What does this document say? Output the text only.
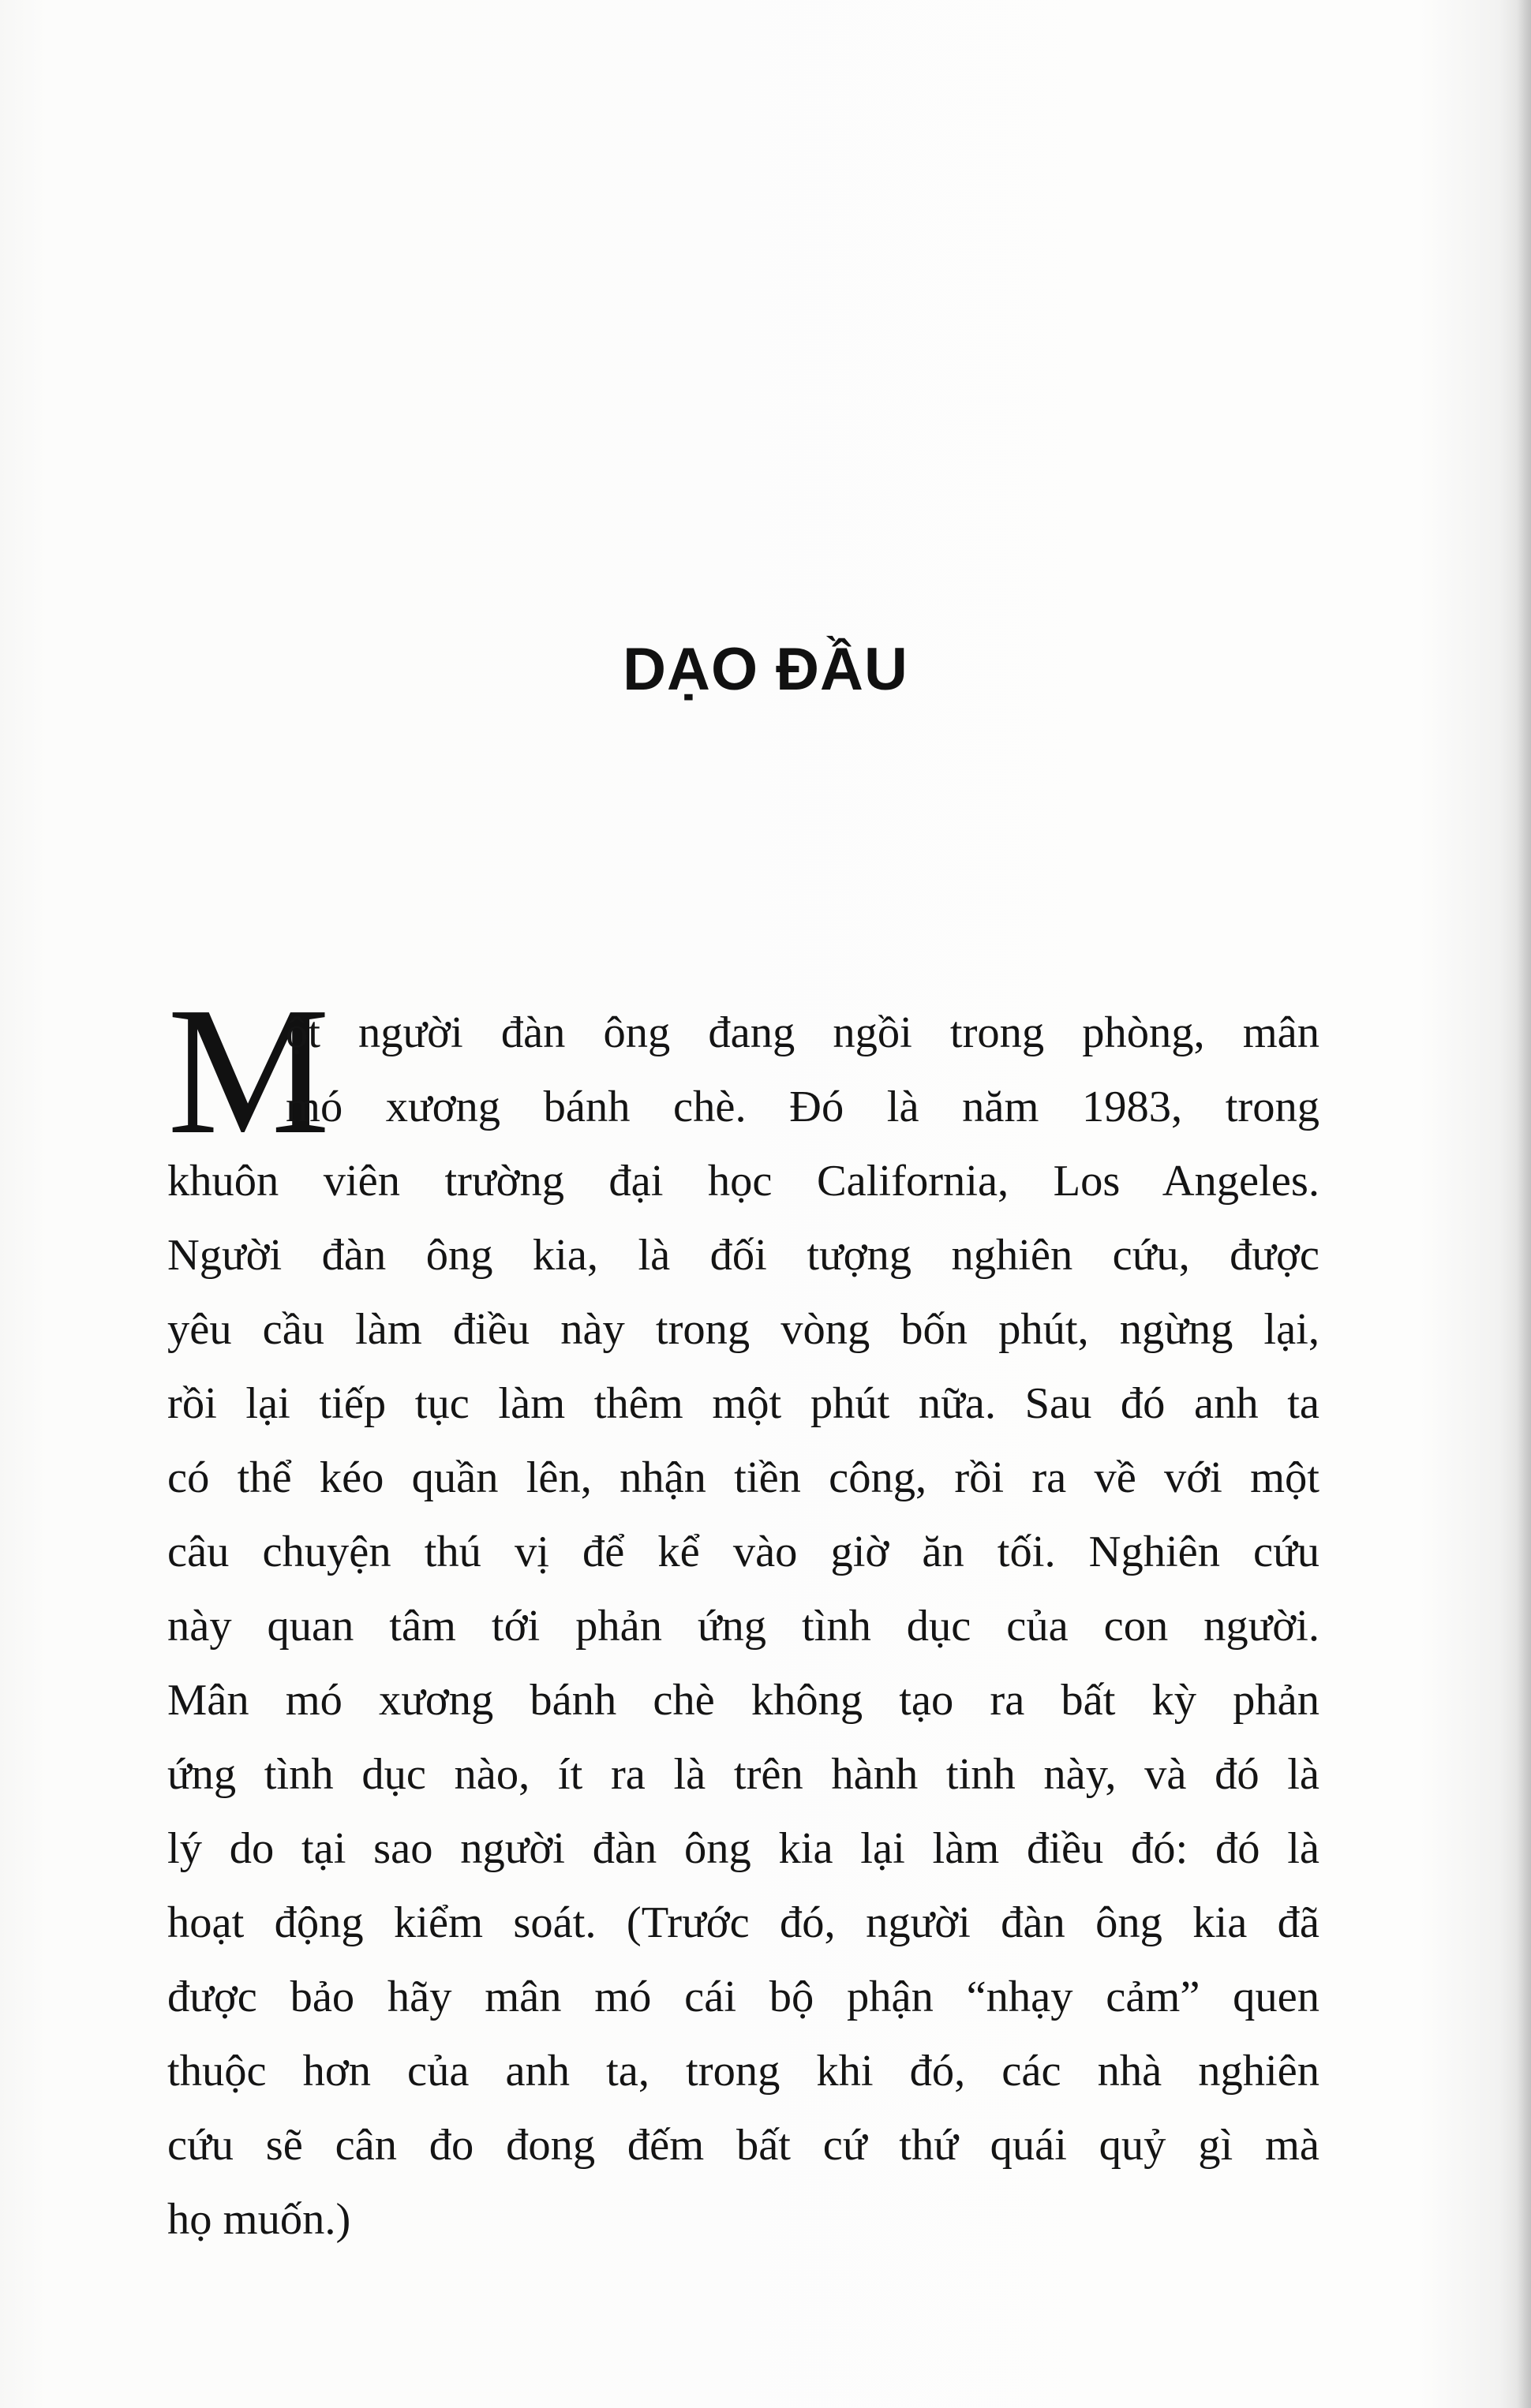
DẠO ĐẦU
M
ột người đàn ông đang ngồi trong phòng, mân
mó xương bánh chè. Đó là năm 1983, trong
khuôn viên trường đại học California, Los Angeles.
Người đàn ông kia, là đối tượng nghiên cứu, được
yêu cầu làm điều này trong vòng bốn phút, ngừng lại,
rồi lại tiếp tục làm thêm một phút nữa. Sau đó anh ta
có thể kéo quần lên, nhận tiền công, rồi ra về với một
câu chuyện thú vị để kể vào giờ ăn tối. Nghiên cứu
này quan tâm tới phản ứng tình dục của con người.
Mân mó xương bánh chè không tạo ra bất kỳ phản
ứng tình dục nào, ít ra là trên hành tinh này, và đó là
lý do tại sao người đàn ông kia lại làm điều đó: đó là
hoạt động kiểm soát. (Trước đó, người đàn ông kia đã
được bảo hãy mân mó cái bộ phận “nhạy cảm” quen
thuộc hơn của anh ta, trong khi đó, các nhà nghiên
cứu sẽ cân đo đong đếm bất cứ thứ quái quỷ gì mà
họ muốn.)
